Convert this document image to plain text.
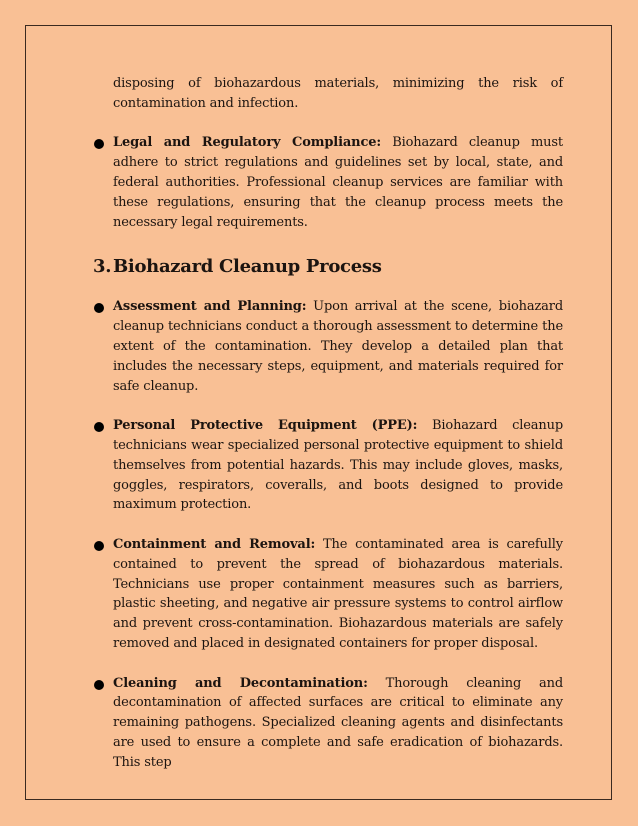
disposing of biohazardous materials, minimizing the risk of contamination and infection.

Legal and Regulatory Compliance: Biohazard cleanup must adhere to strict regulations and guidelines set by local, state, and federal authorities. Professional cleanup services are familiar with these regulations, ensuring that the cleanup process meets the necessary legal requirements.

3.Biohazard Cleanup Process

Assessment and Planning: Upon arrival at the scene, biohazard cleanup technicians conduct a thorough assessment to determine the extent of the contamination. They develop a detailed plan that includes the necessary steps, equipment, and materials required for safe cleanup.

Personal Protective Equipment (PPE): Biohazard cleanup technicians wear specialized personal protective equipment to shield themselves from potential hazards. This may include gloves, masks, goggles, respirators, coveralls, and boots designed to provide maximum protection.

Containment and Removal: The contaminated area is carefully contained to prevent the spread of biohazardous materials. Technicians use proper containment measures such as barriers, plastic sheeting, and negative air pressure systems to control airflow and prevent cross-contamination. Biohazardous materials are safely removed and placed in designated containers for proper disposal.

Cleaning and Decontamination: Thorough cleaning and decontamination of affected surfaces are critical to eliminate any remaining pathogens. Specialized cleaning agents and disinfectants are used to ensure a complete and safe eradication of biohazards. This step
